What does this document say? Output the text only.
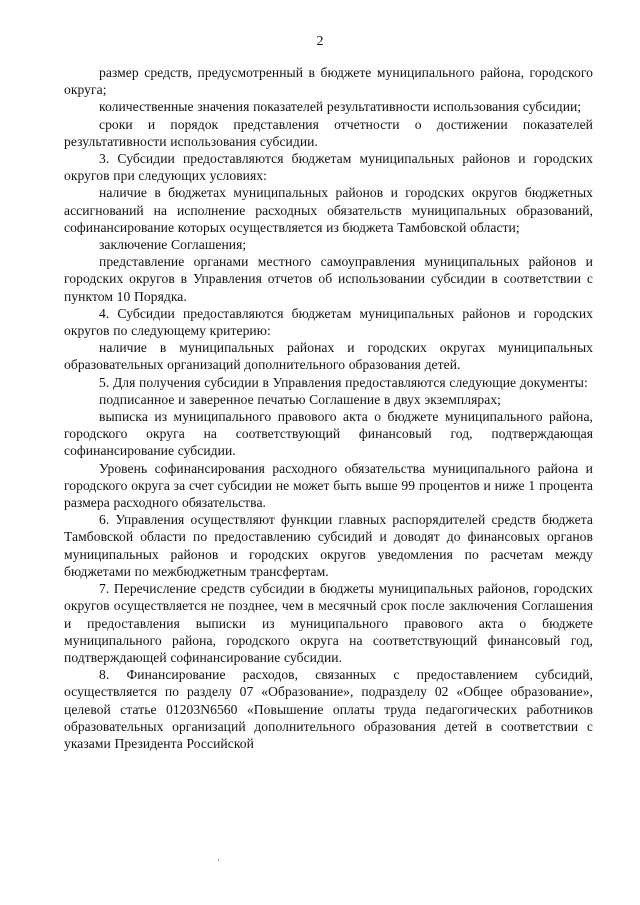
2

размер средств, предусмотренный в бюджете муниципального района, городского округа;

количественные значения показателей результативности использования субсидии;

сроки и порядок представления отчетности о достижении показателей результативности использования субсидии.

3. Субсидии предоставляются бюджетам муниципальных районов и городских округов при следующих условиях:

наличие в бюджетах муниципальных районов и городских округов бюджетных ассигнований на исполнение расходных обязательств муниципальных образований, софинансирование которых осуществляется из бюджета Тамбовской области;

заключение Соглашения;

представление органами местного самоуправления муниципальных районов и городских округов в Управления отчетов об использовании субсидии в соответствии с пунктом 10 Порядка.

4. Субсидии предоставляются бюджетам муниципальных районов и городских округов по следующему критерию:

наличие в муниципальных районах и городских округах муниципальных образовательных организаций дополнительного образования детей.

5. Для получения субсидии в Управления предоставляются следующие документы:

подписанное и заверенное печатью Соглашение в двух экземплярах;

выписка из муниципального правового акта о бюджете муниципального района, городского округа на соответствующий финансовый год, подтверждающая софинансирование субсидии.

Уровень софинансирования расходного обязательства муниципального района и городского округа за счет субсидии не может быть выше 99 процентов и ниже 1 процента размера расходного обязательства.

6. Управления осуществляют функции главных распорядителей средств бюджета Тамбовской области по предоставлению субсидий и доводят до финансовых органов муниципальных районов и городских округов уведомления по расчетам между бюджетами по межбюджетным трансфертам.

7. Перечисление средств субсидии в бюджеты муниципальных районов, городских округов осуществляется не позднее, чем в месячный срок после заключения Соглашения и предоставления выписки из муниципального правового акта о бюджете муниципального района, городского округа на соответствующий финансовый год, подтверждающей софинансирование субсидии.

8. Финансирование расходов, связанных с предоставлением субсидий, осуществляется по разделу 07 «Образование», подразделу 02 «Общее образование», целевой статье 01203N6560 «Повышение оплаты труда педагогических работников образовательных организаций дополнительного образования детей в соответствии с указами Президента Российской
